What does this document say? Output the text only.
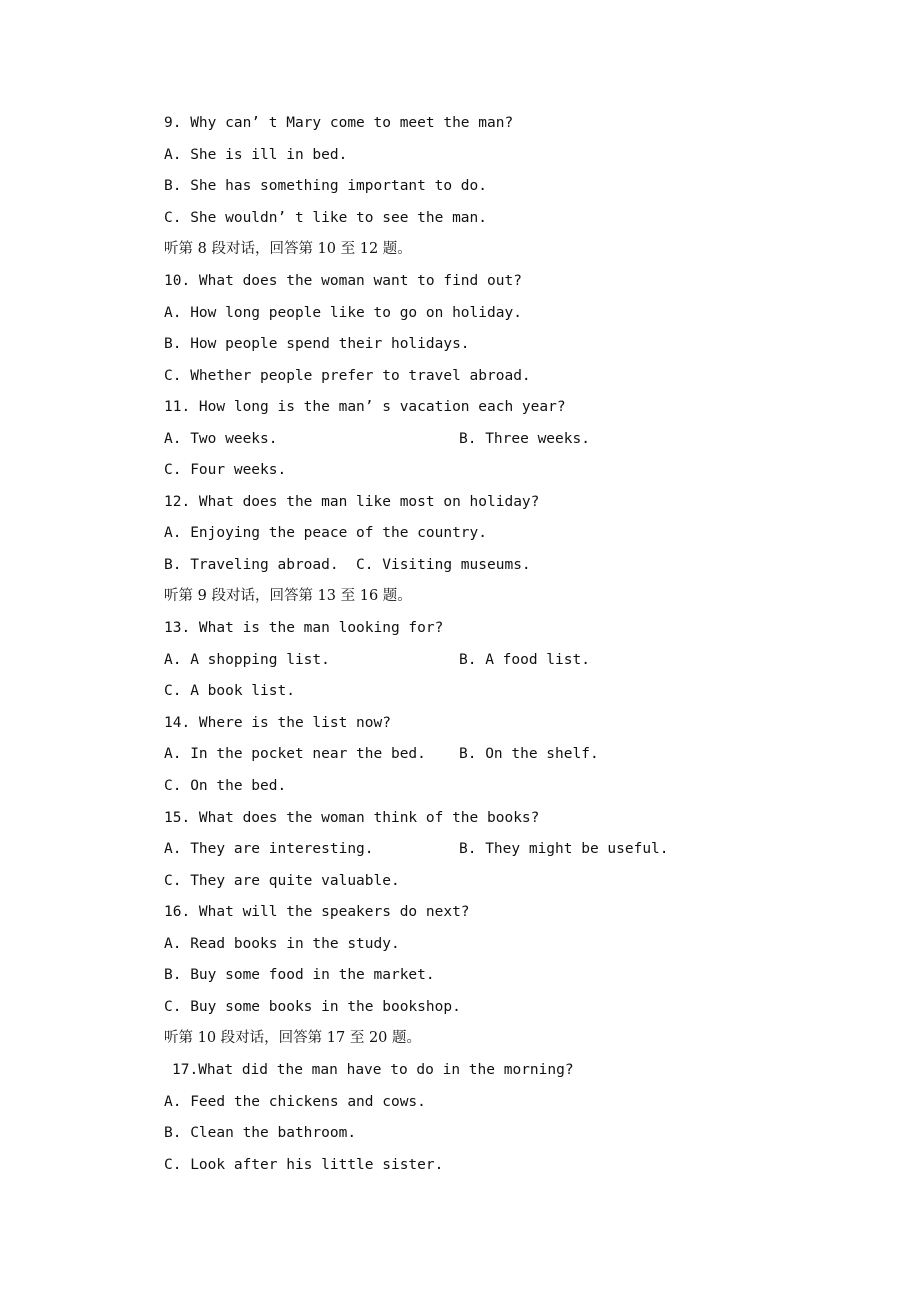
9. Why can’ t Mary come to meet the man?
A. She is ill in bed.
B. She has something important to do.
C. She wouldn’ t like to see the man.
听第 8 段对话，回答第 10 至 12 题。
10. What does the woman want to find out?
A. How long people like to go on holiday.
B. How people spend their holidays.
C. Whether people prefer to travel abroad.
11. How long is the man’ s vacation each year?
A. Two weeks.	B. Three weeks.
C. Four weeks.
12. What does the man like most on holiday?
A. Enjoying the peace of the country.
B. Traveling abroad.  C. Visiting museums.
听第 9 段对话，回答第 13 至 16 题。
13. What is the man looking for?
A. A shopping list.	B. A food list.
C. A book list.
14. Where is the list now?
A. In the pocket near the bed. B. On the shelf.
C. On the bed.
15. What does the woman think of the books?
A. They are interesting.	B. They might be useful.
C. They are quite valuable.
16. What will the speakers do next?
A. Read books in the study.
B. Buy some food in the market.
C. Buy some books in the bookshop.
听第 10 段对话，回答第 17 至 20 题。
17.What did the man have to do in the morning?
A. Feed the chickens and cows.
B. Clean the bathroom.
C. Look after his little sister.
